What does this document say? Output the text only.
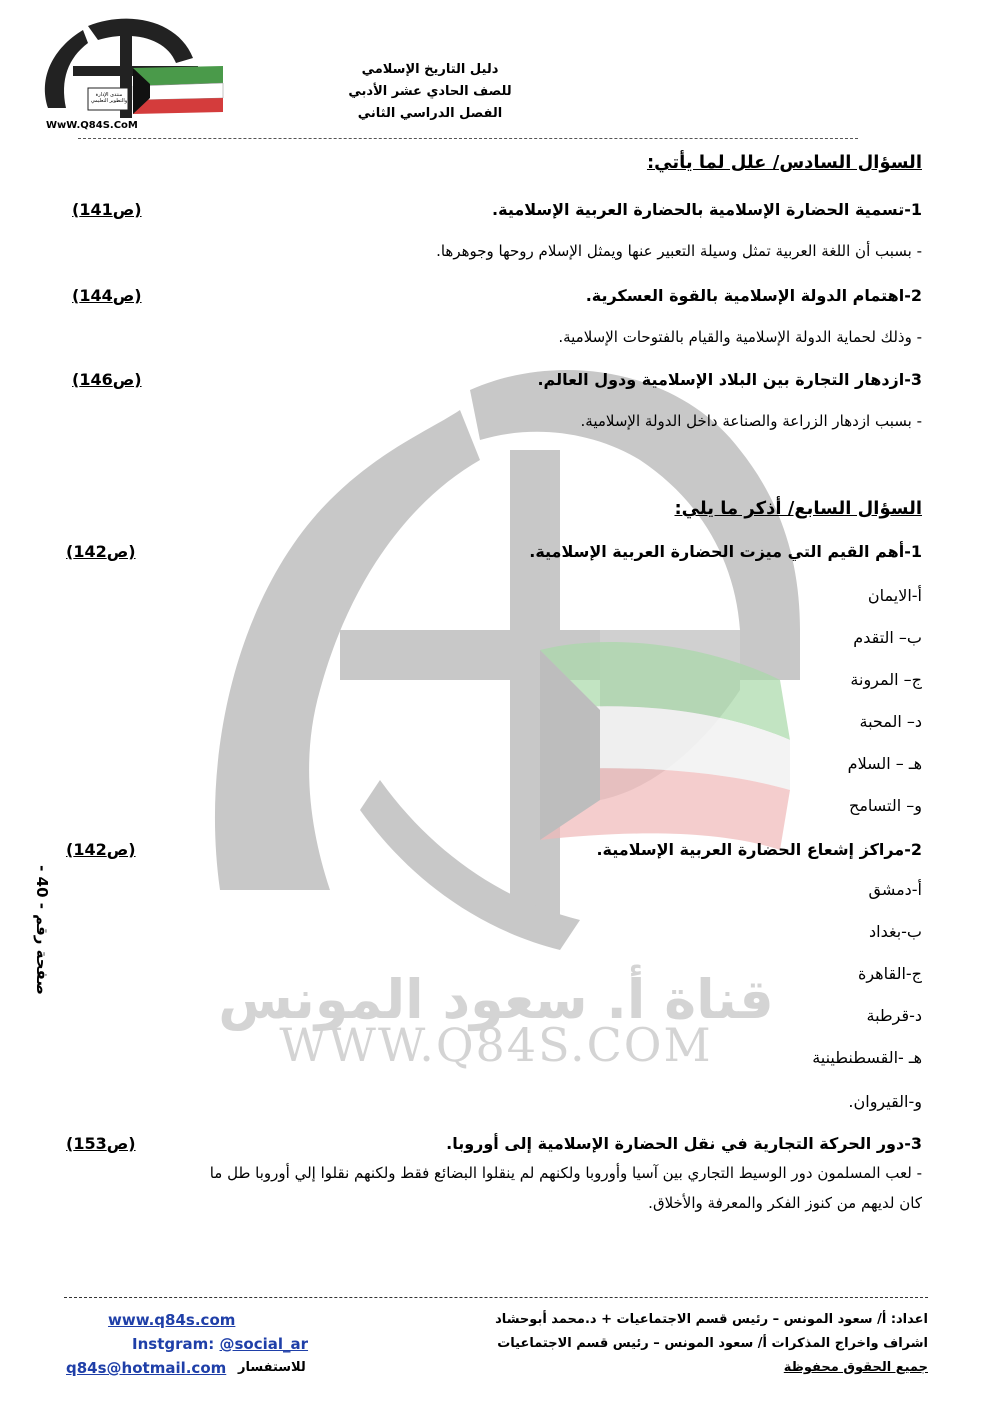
قناة أ. سعود المونس
WWW.Q84S.COM
منتدى الإدارة والتطوير التعليمي
WwW.Q84S.CoM
دليل التاريخ الإسلامي
للصف الحادي عشر الأدبي
الفصل الدراسي الثاني
السؤال السادس/ علل لما يأتي:
1-تسمية الحضارة الإسلامية بالحضارة العربية الإسلامية.
(ص141)
- بسبب أن اللغة العربية تمثل وسيلة التعبير عنها ويمثل الإسلام روحها وجوهرها.
2-اهتمام الدولة الإسلامية بالقوة العسكرية.
(ص144)
- وذلك لحماية الدولة الإسلامية والقيام بالفتوحات الإسلامية.
3-ازدهار التجارة بين البلاد الإسلامية ودول العالم.
(ص146)
- بسبب ازدهار الزراعة والصناعة داخل الدولة الإسلامية.
السؤال السابع/ أذكر ما يلي:
1-أهم القيم التي ميزت الحضارة العربية الإسلامية.
(ص142)
أ-الايمان
ب– التقدم
ج– المرونة
د– المحبة
هـ – السلام
و– التسامح
2-مراكز إشعاع الحضارة العربية الإسلامية.
(ص142)
أ-دمشق
ب-بغداد
ج-القاهرة
د-قرطبة
هـ -القسطنطينية
و-القيروان.
3-دور الحركة التجارية في نقل الحضارة الإسلامية إلى أوروبا.
(ص153)
- لعب المسلمون دور الوسيط التجاري بين آسيا وأوروبا ولكنهم لم ينقلوا البضائع فقط ولكنهم نقلوا إلي أوروبا طل ما
كان لديهم من كنوز الفكر والمعرفة والأخلاق.
صفحة رقم - 40 -
اعداد: أ/ سعود المونس – رئيس قسم الاجتماعيات + د.محمد أبوحشاد
اشراف واخراج المذكرات أ/ سعود المونس – رئيس قسم الاجتماعيات
جميع الحقوق محفوظة
www.q84s.com
Instgram: @social_ar
q84s@hotmail.com للاستفسار
